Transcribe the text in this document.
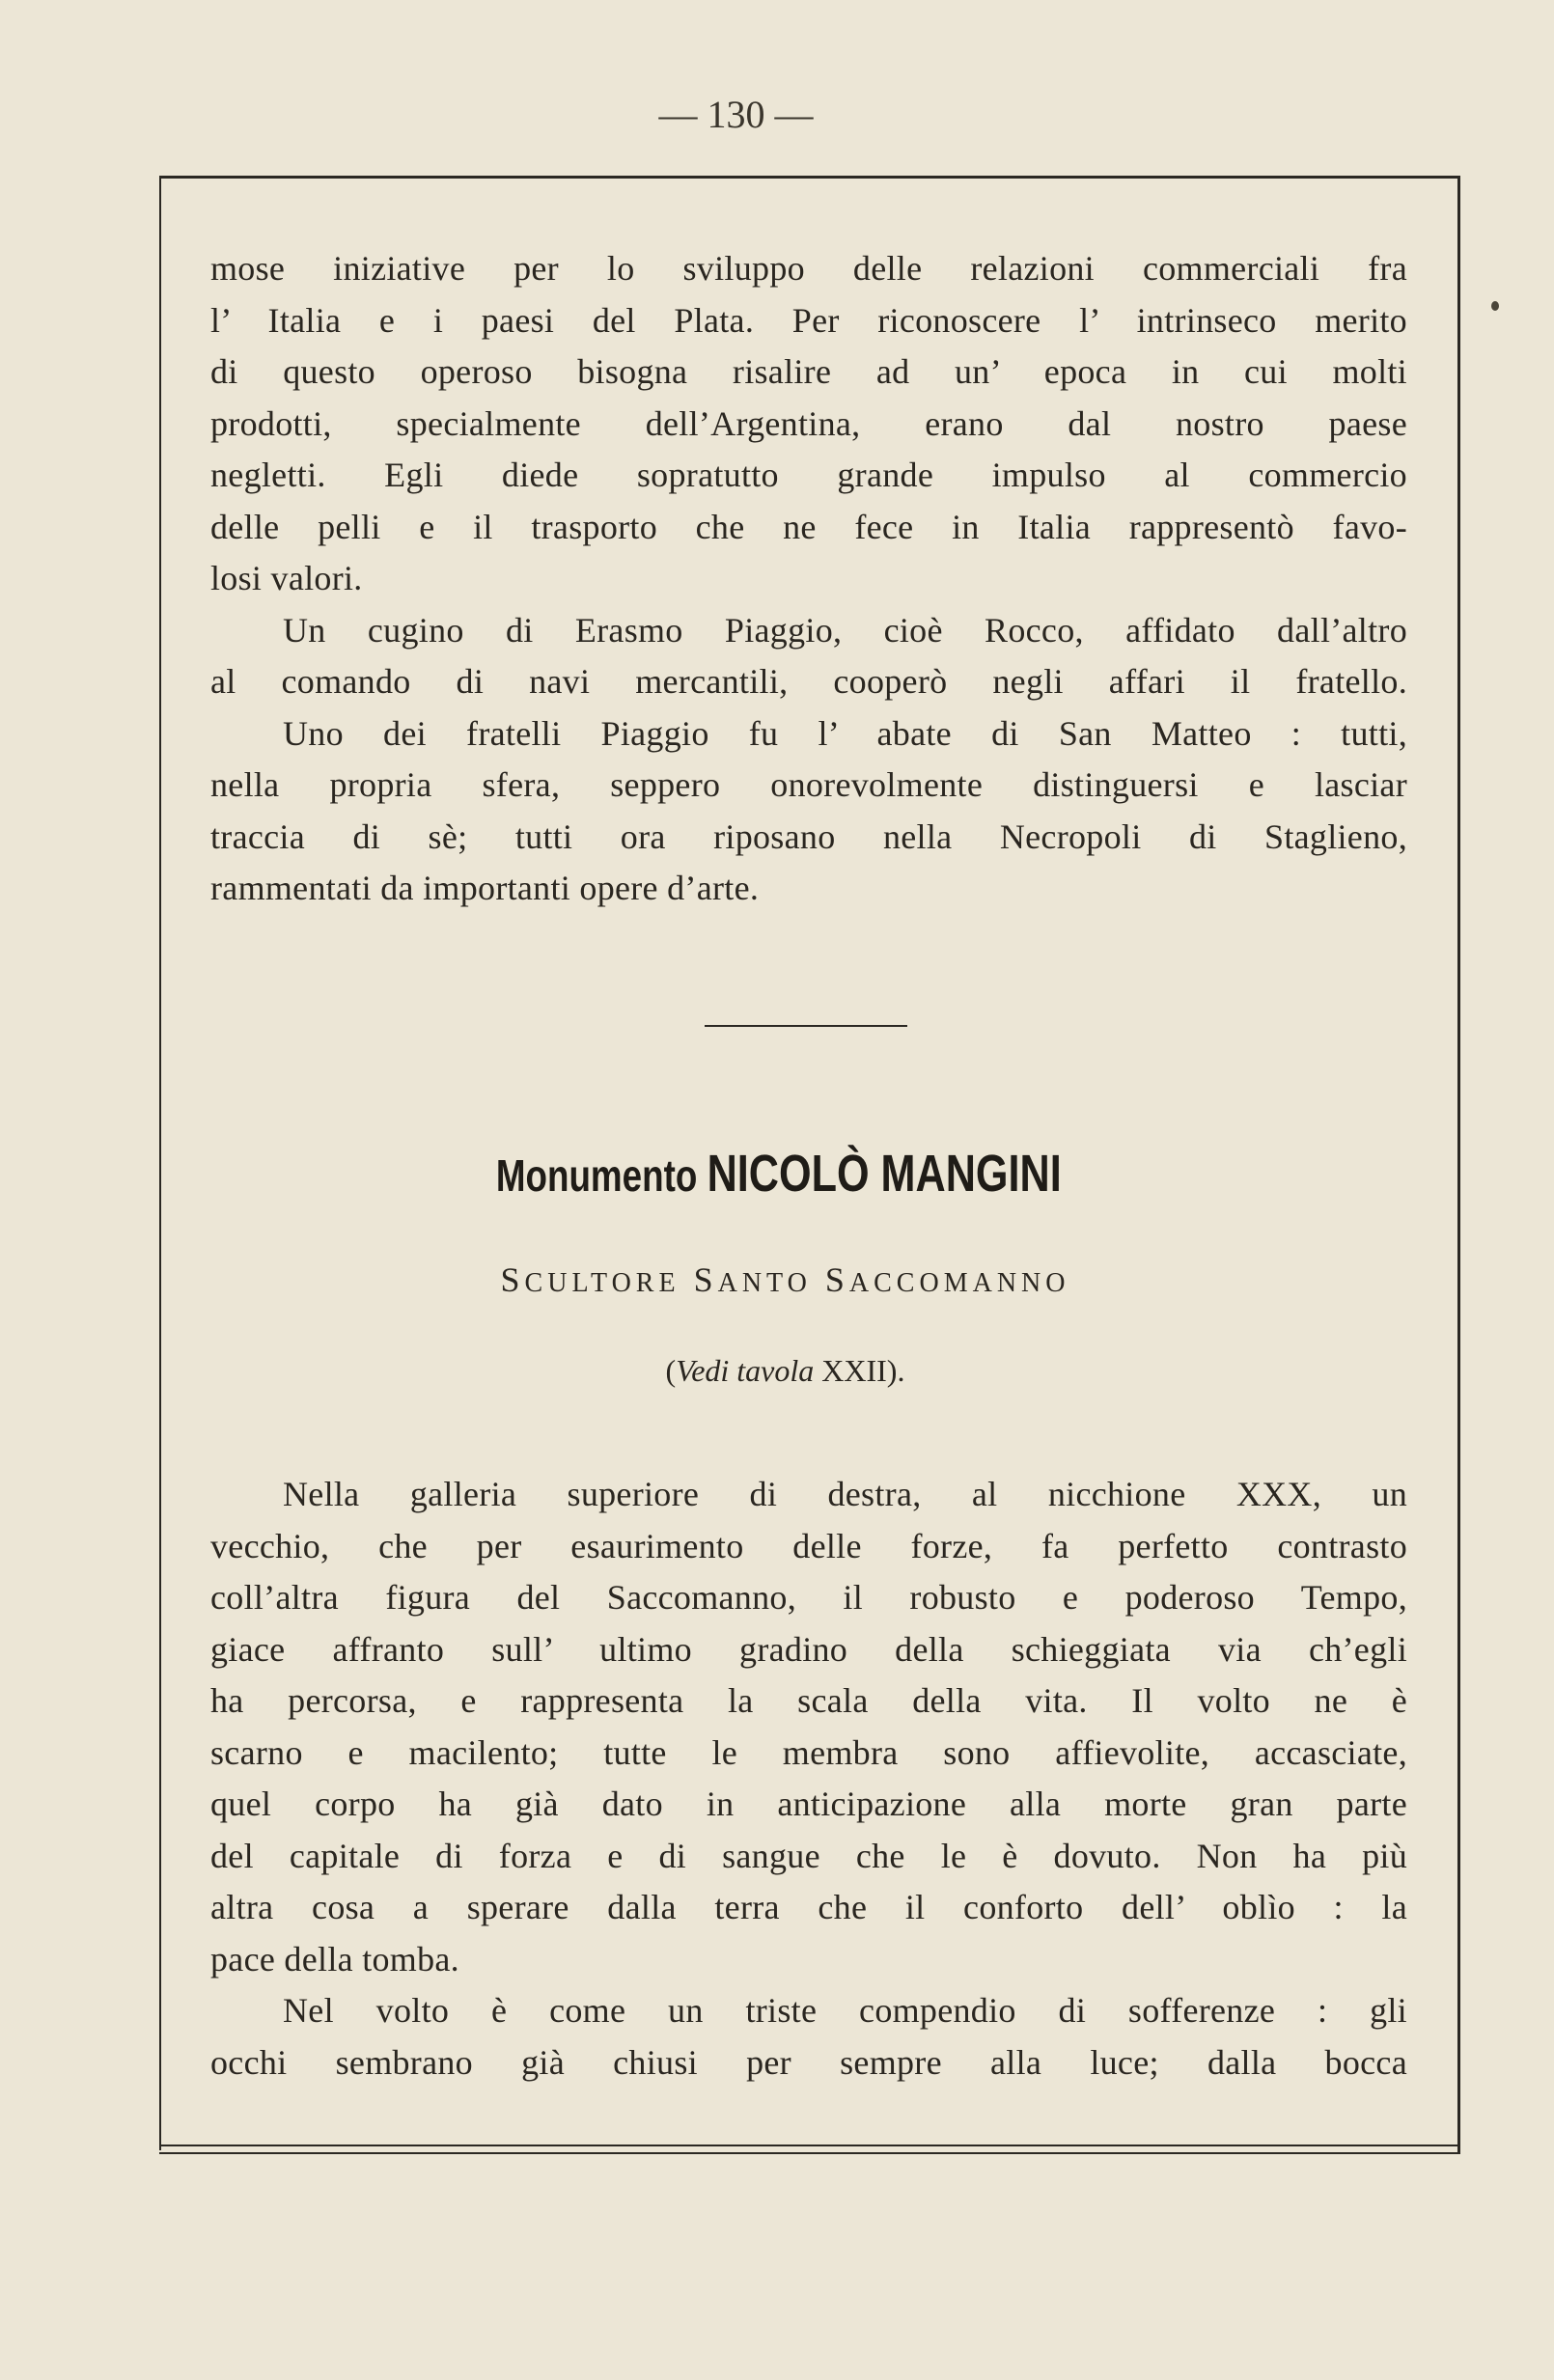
— 130 —
mose iniziative per lo sviluppo delle relazioni commerciali fra
l’ Italia e i paesi del Plata. Per riconoscere l’ intrinseco merito
di questo operoso bisogna risalire ad un’ epoca in cui molti
prodotti, specialmente dell’Argentina, erano dal nostro paese
negletti. Egli diede sopratutto grande impulso al commercio
delle pelli e il trasporto che ne fece in Italia rappresentò favo-
losi valori.
Un cugino di Erasmo Piaggio, cioè Rocco, affidato dall’altro
al comando di navi mercantili, cooperò negli affari il fratello.
Uno dei fratelli Piaggio fu l’ abate di San Matteo : tutti,
nella propria sfera, seppero onorevolmente distinguersi e lasciar
traccia di sè; tutti ora riposano nella Necropoli di Staglieno,
rammentati da importanti opere d’arte.
Monumento NICOLÒ MANGINI
SCULTORE SANTO SACCOMANNO
(Vedi tavola XXII).
Nella galleria superiore di destra, al nicchione XXX, un
vecchio, che per esaurimento delle forze, fa perfetto contrasto
coll’altra figura del Saccomanno, il robusto e poderoso Tempo,
giace affranto sull’ ultimo gradino della schieggiata via ch’egli
ha percorsa, e rappresenta la scala della vita. Il volto ne è
scarno e macilento; tutte le membra sono affievolite, accasciate,
quel corpo ha già dato in anticipazione alla morte gran parte
del capitale di forza e di sangue che le è dovuto. Non ha più
altra cosa a sperare dalla terra che il conforto dell’ oblìo : la
pace della tomba.
Nel volto è come un triste compendio di sofferenze : gli
occhi sembrano già chiusi per sempre alla luce; dalla bocca
